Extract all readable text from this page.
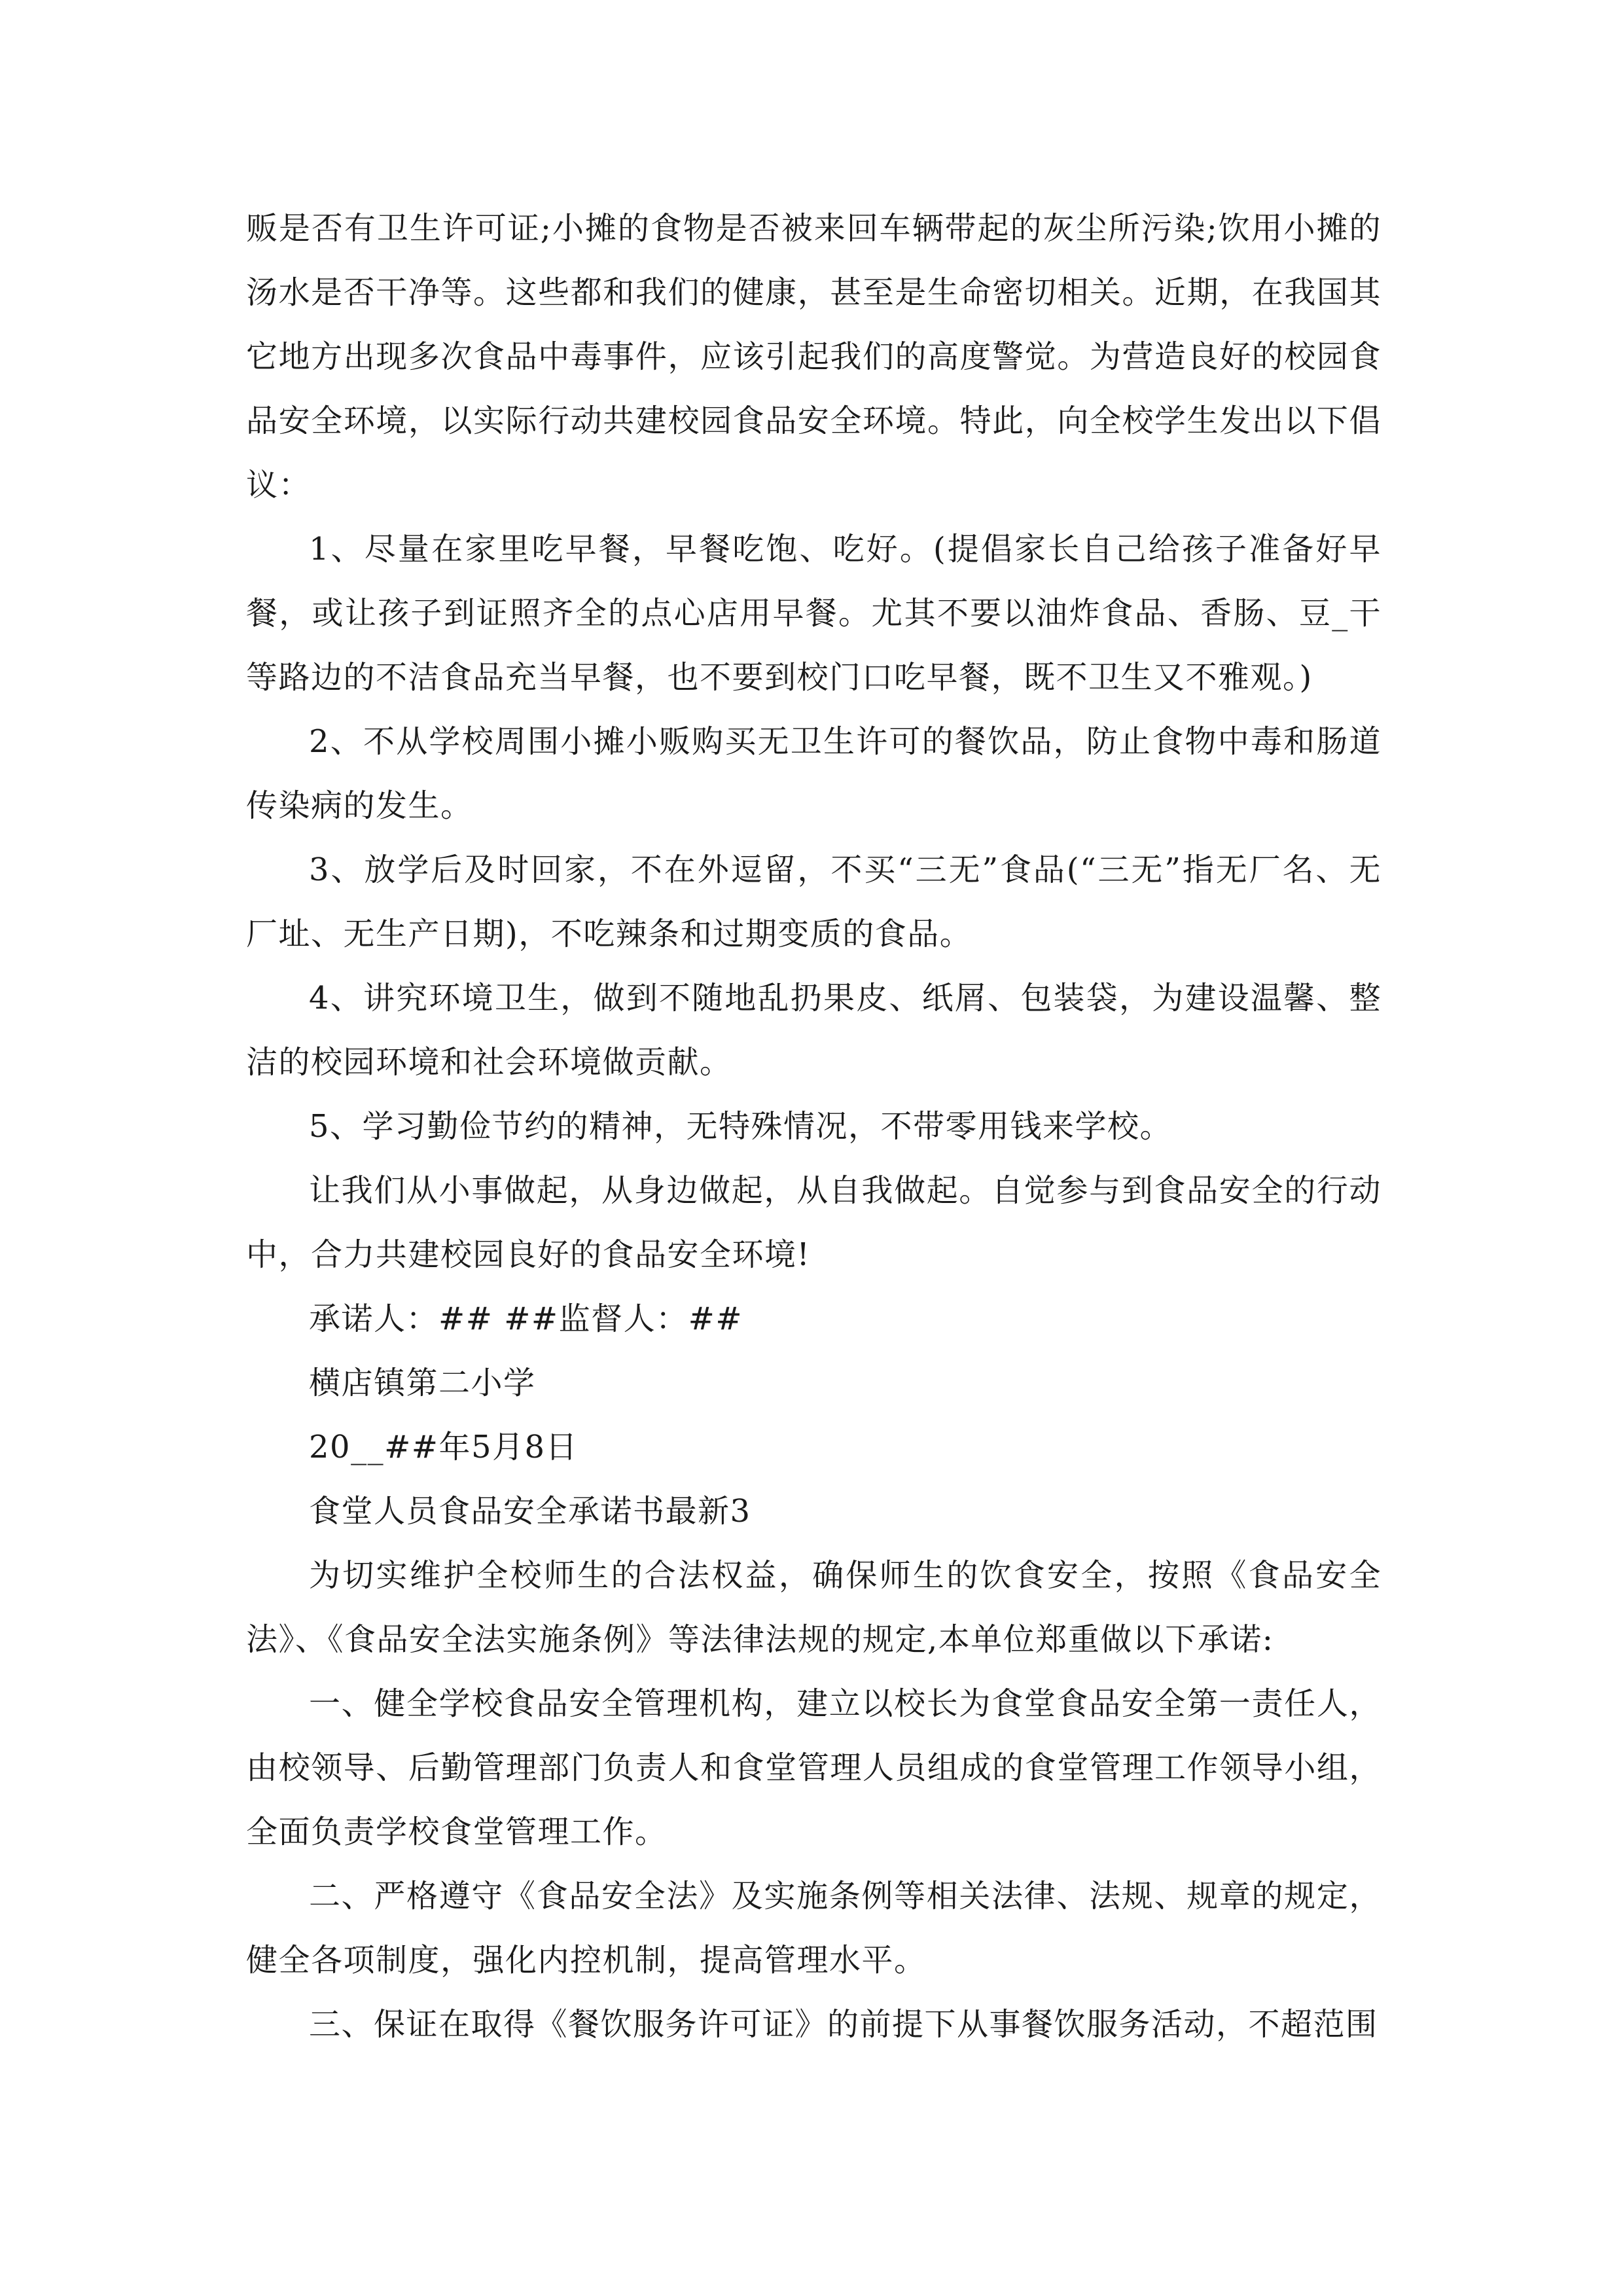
贩是否有卫生许可证;小摊的食物是否被来回车辆带起的灰尘所污染;饮用小摊的汤水是否干净等。这些都和我们的健康，甚至是生命密切相关。近期，在我国其它地方出现多次食品中毒事件，应该引起我们的高度警觉。为营造良好的校园食品安全环境，以实际行动共建校园食品安全环境。特此，向全校学生发出以下倡议：

1、尽量在家里吃早餐，早餐吃饱、吃好。(提倡家长自己给孩子准备好早餐，或让孩子到证照齐全的点心店用早餐。尤其不要以油炸食品、香肠、豆_干等路边的不洁食品充当早餐，也不要到校门口吃早餐，既不卫生又不雅观。)

2、不从学校周围小摊小贩购买无卫生许可的餐饮品，防止食物中毒和肠道传染病的发生。

3、放学后及时回家，不在外逗留，不买“三无”食品(“三无”指无厂名、无厂址、无生产日期)，不吃辣条和过期变质的食品。

4、讲究环境卫生，做到不随地乱扔果皮、纸屑、包装袋，为建设温馨、整洁的校园环境和社会环境做贡献。

5、学习勤俭节约的精神，无特殊情况，不带零用钱来学校。

让我们从小事做起，从身边做起，从自我做起。自觉参与到食品安全的行动中，合力共建校园良好的食品安全环境!

承诺人：## ##监督人：##

横店镇第二小学

20__##年5月8日

食堂人员食品安全承诺书最新3

为切实维护全校师生的合法权益，确保师生的饮食安全，按照《食品安全法》、《食品安全法实施条例》等法律法规的规定,本单位郑重做以下承诺:

一、健全学校食品安全管理机构，建立以校长为食堂食品安全第一责任人，由校领导、后勤管理部门负责人和食堂管理人员组成的食堂管理工作领导小组，全面负责学校食堂管理工作。

二、严格遵守《食品安全法》及实施条例等相关法律、法规、规章的规定，健全各项制度，强化内控机制，提高管理水平。

三、保证在取得《餐饮服务许可证》的前提下从事餐饮服务活动，不超范围
